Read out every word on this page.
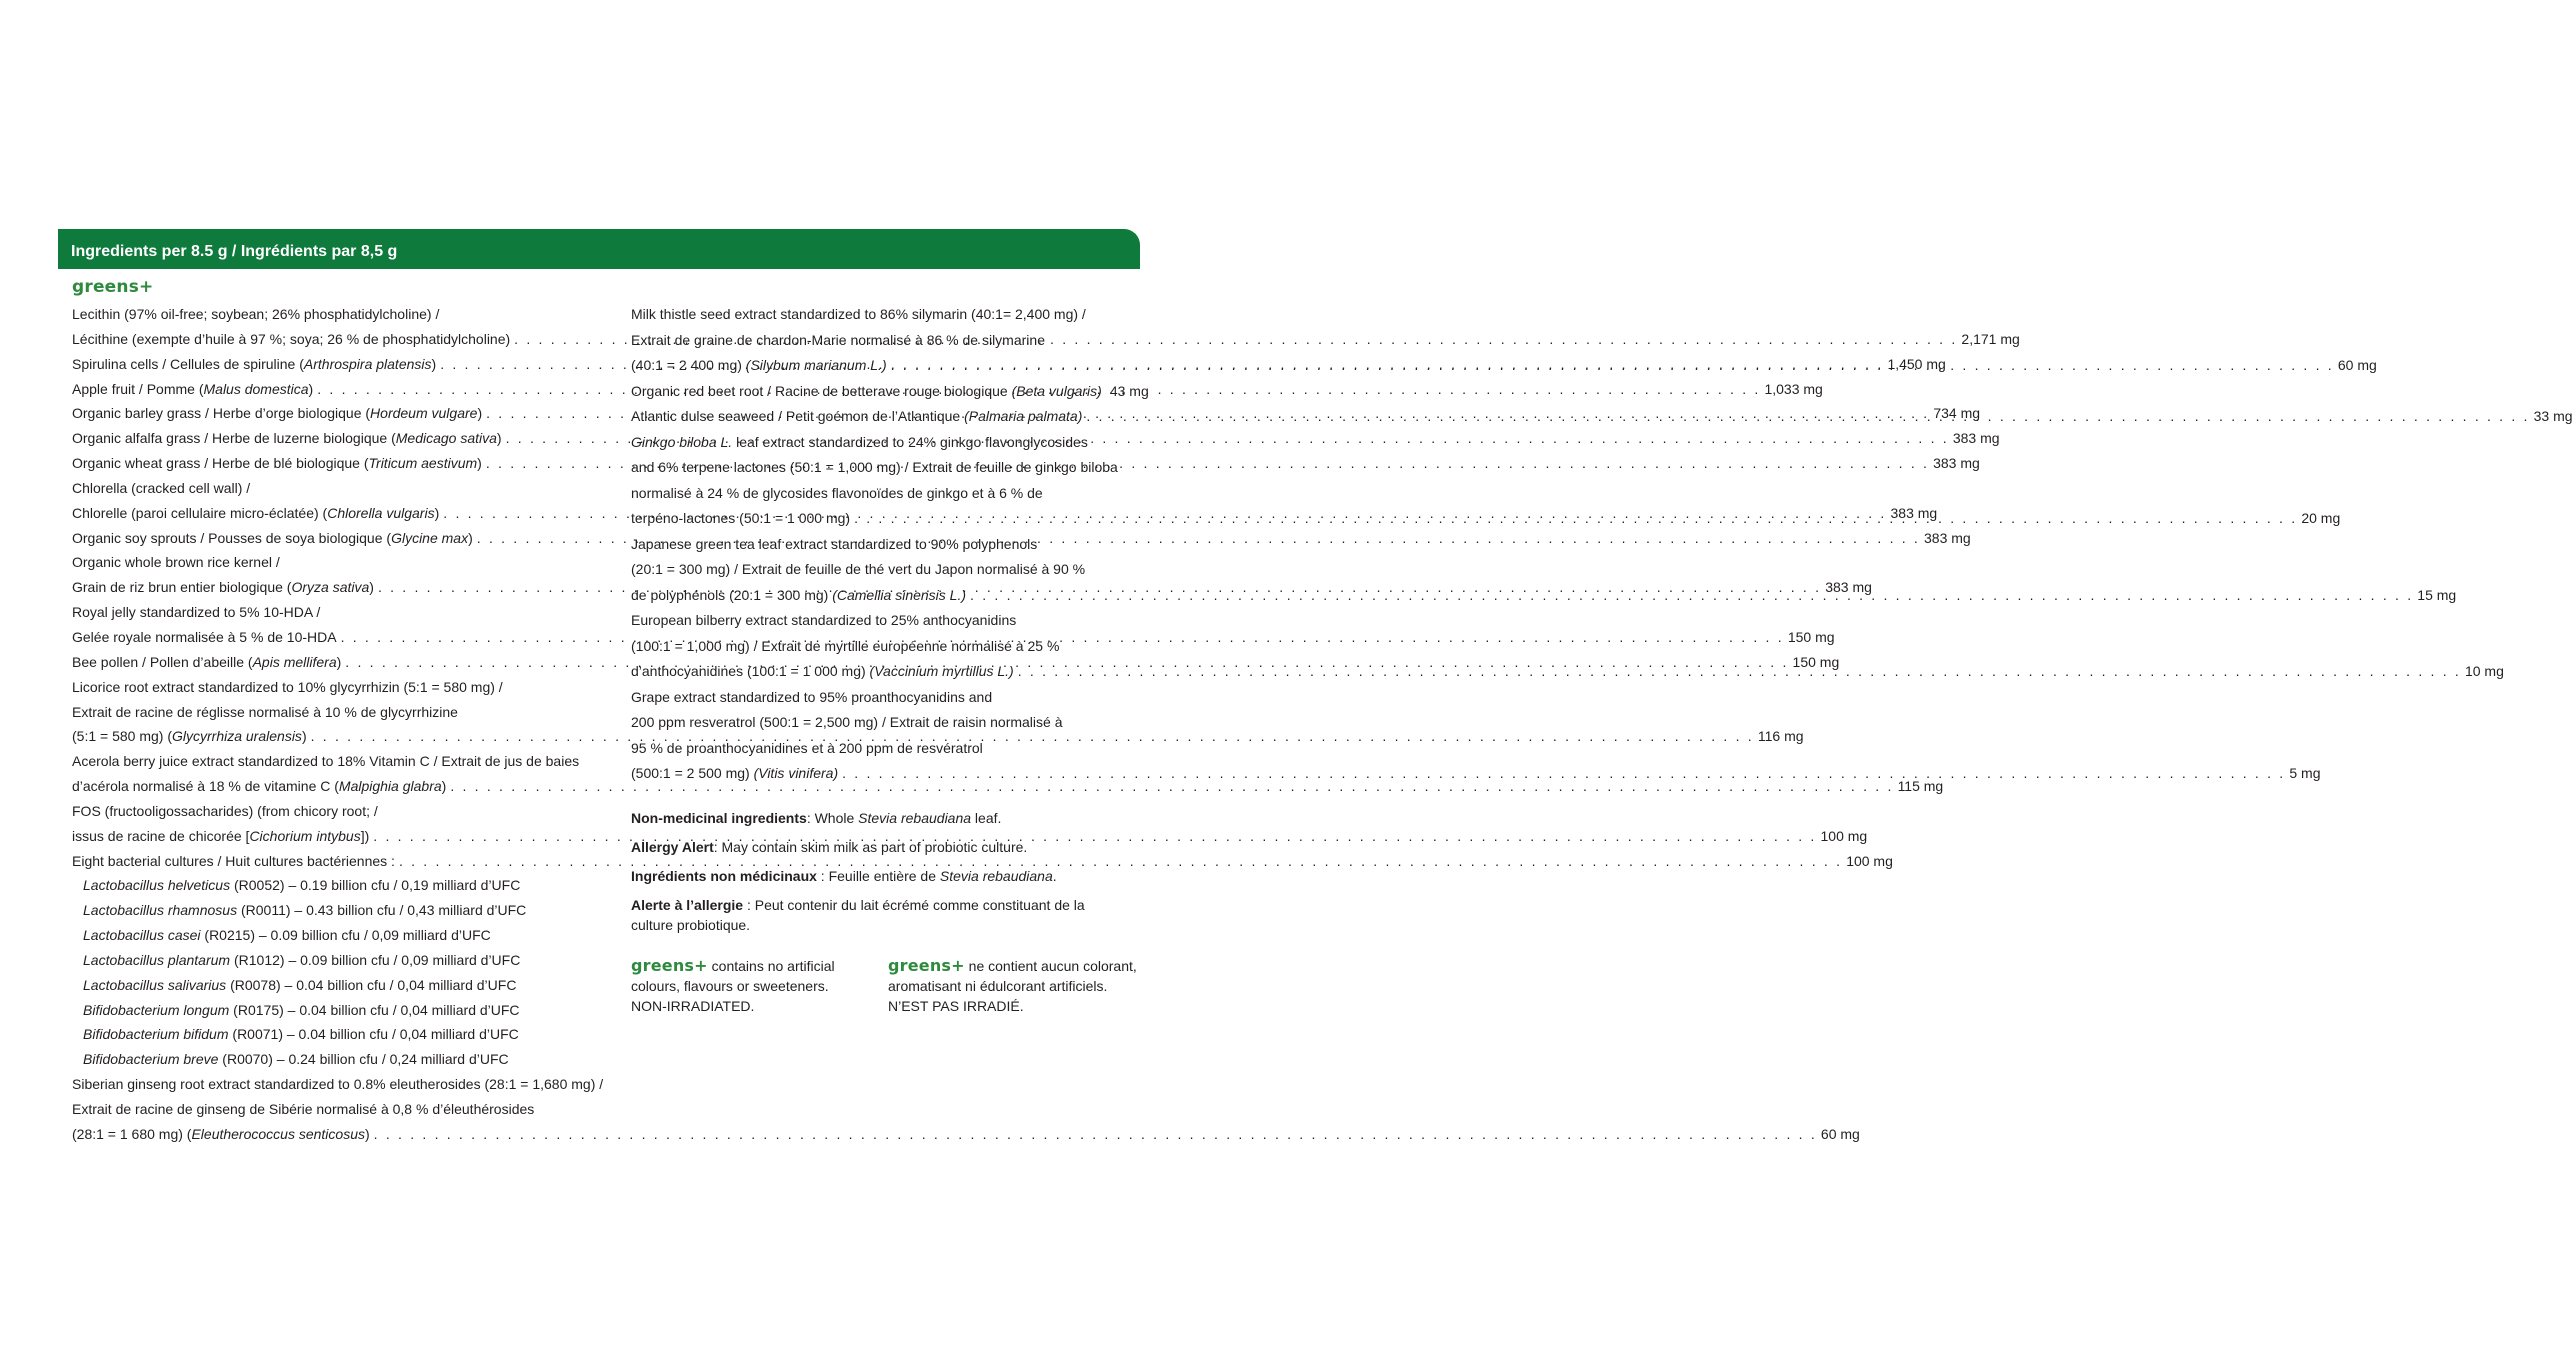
Ingredients per 8.5 g / Ingrédients par 8,5 g
greens+
Lecithin (97% oil-free; soybean; 26% phosphatidylcholine) /
Lécithine (exempte d’huile à 97 %; soya; 26 % de phosphatidylcholine) . . .	2,171 mg
Spirulina cells / Cellules de spiruline (Arthrospira platensis) . . .	1,450 mg
Apple fruit / Pomme (Malus domestica) . . .	1,033 mg
Organic barley grass / Herbe d’orge biologique (Hordeum vulgare) . . .	734 mg
Organic alfalfa grass / Herbe de luzerne biologique (Medicago sativa) . . .	383 mg
Organic wheat grass / Herbe de blé biologique (Triticum aestivum) . . .	383 mg
Chlorella (cracked cell wall) /
Chlorelle (paroi cellulaire micro-éclatée) (Chlorella vulgaris) . . .	383 mg
Organic soy sprouts / Pousses de soya biologique (Glycine max) . . .	383 mg
Organic whole brown rice kernel /
Grain de riz brun entier biologique (Oryza sativa) . . .	383 mg
Royal jelly standardized to 5% 10-HDA /
Gelée royale normalisée à 5 % de 10-HDA . . .	150 mg
Bee pollen / Pollen d’abeille (Apis mellifera) . . .	150 mg
Licorice root extract standardized to 10% glycyrrhizin (5:1 = 580 mg) /
Extrait de racine de réglisse normalisé à 10 % de glycyrrhizine
(5:1 = 580 mg) (Glycyrrhiza uralensis) . . .	116 mg
Acerola berry juice extract standardized to 18% Vitamin C / Extrait de jus de baies
d’acérola normalisé à 18 % de vitamine C (Malpighia glabra) . . .	115 mg
FOS (fructooligossacharides) (from chicory root; /
issus de racine de chicorée [Cichorium intybus]) . . .	100 mg
Eight bacterial cultures / Huit cultures bactériennes : . . .	100 mg
Lactobacillus helveticus (R0052) – 0.19 billion cfu / 0,19 milliard d’UFC
Lactobacillus rhamnosus (R0011) – 0.43 billion cfu / 0,43 milliard d’UFC
Lactobacillus casei (R0215) – 0.09 billion cfu / 0,09 milliard d’UFC
Lactobacillus plantarum (R1012) – 0.09 billion cfu / 0,09 milliard d’UFC
Lactobacillus salivarius (R0078) – 0.04 billion cfu / 0,04 milliard d’UFC
Bifidobacterium longum (R0175) – 0.04 billion cfu / 0,04 milliard d’UFC
Bifidobacterium bifidum (R0071) – 0.04 billion cfu / 0,04 milliard d’UFC
Bifidobacterium breve (R0070) – 0.24 billion cfu / 0,24 milliard d’UFC
Siberian ginseng root extract standardized to 0.8% eleutherosides (28:1 = 1,680 mg) /
Extrait de racine de ginseng de Sibérie normalisé à 0,8 % d’éleuthérosides
(28:1 = 1 680 mg) (Eleutherococcus senticosus) . . .	60 mg
Milk thistle seed extract standardized to 86% silymarin (40:1= 2,400 mg) /
Extrait de graine de chardon-Marie normalisé à 86 % de silymarine
(40:1 = 2 400 mg) (Silybum marianum L.) . . .	60 mg
Organic red beet root / Racine de betterave rouge biologique (Beta vulgaris) 43 mg
Atlantic dulse seaweed / Petit goémon de l’Atlantique (Palmaria palmata) . . .	33 mg
Ginkgo biloba L. leaf extract standardized to 24% ginkgo flavonglycosides
and 6% terpene lactones (50:1 = 1,000 mg) / Extrait de feuille de ginkgo biloba
normalisé à 24 % de glycosides flavonoïdes de ginkgo et à 6 % de
terpéno-lactones (50:1 = 1 000 mg) . . .	20 mg
Japanese green tea leaf extract standardized to 90% polyphenols
(20:1 = 300 mg) / Extrait de feuille de thé vert du Japon normalisé à 90 %
de polyphénols (20:1 = 300 mg) (Camellia sinensis L.) . . .	15 mg
European bilberry extract standardized to 25% anthocyanidins
(100:1 = 1,000 mg) / Extrait de myrtille européenne normalisé à 25 %
d’anthocyanidines (100:1 = 1 000 mg) (Vaccinium myrtillus L.) . . .	10 mg
Grape extract standardized to 95% proanthocyanidins and
200 ppm resveratrol (500:1 = 2,500 mg) / Extrait de raisin normalisé à
95 % de proanthocyanidines et à 200 ppm de resvératrol
(500:1 = 2 500 mg) (Vitis vinifera) . . .	5 mg

Non-medicinal ingredients: Whole Stevia rebaudiana leaf.

Allergy Alert: May contain skim milk as part of probiotic culture.

Ingrédients non médicinaux : Feuille entière de Stevia rebaudiana.

Alerte à l’allergie : Peut contenir du lait écrémé comme constituant de la culture probiotique.

greens+ contains no artificial colours, flavours or sweeteners. NON-IRRADIATED.
greens+ ne contient aucun colorant, aromatisant ni édulcorant artificiels. N’EST PAS IRRADIÉ.
